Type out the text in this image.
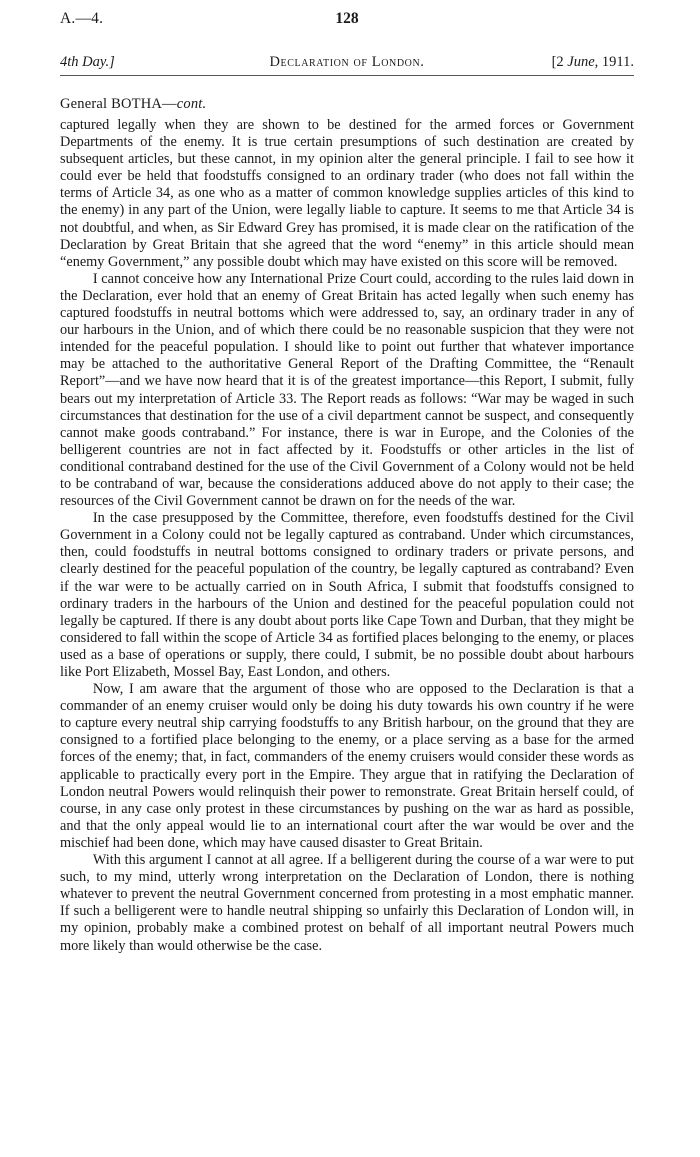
A.—4.	128
4th Day.]	Declaration of London.	[2 June, 1911.
General BOTHA—cont.

captured legally when they are shown to be destined for the armed forces or Government Departments of the enemy. It is true certain presumptions of such destination are created by subsequent articles, but these cannot, in my opinion alter the general principle. I fail to see how it could ever be held that foodstuffs consigned to an ordinary trader (who does not fall within the terms of Article 34, as one who as a matter of common knowledge supplies articles of this kind to the enemy) in any part of the Union, were legally liable to capture. It seems to me that Article 34 is not doubtful, and when, as Sir Edward Grey has promised, it is made clear on the ratification of the Declaration by Great Britain that she agreed that the word “enemy” in this article should mean “enemy Government,” any possible doubt which may have existed on this score will be removed.

I cannot conceive how any International Prize Court could, according to the rules laid down in the Declaration, ever hold that an enemy of Great Britain has acted legally when such enemy has captured foodstuffs in neutral bottoms which were addressed to, say, an ordinary trader in any of our harbours in the Union, and of which there could be no reasonable suspicion that they were not intended for the peaceful population. I should like to point out further that whatever importance may be attached to the authoritative General Report of the Drafting Committee, the “Renault Report”—and we have now heard that it is of the greatest importance—this Report, I submit, fully bears out my interpretation of Article 33. The Report reads as follows: “War may be waged in such circumstances that destination for the use of a civil department cannot be suspect, and consequently cannot make goods contraband.” For instance, there is war in Europe, and the Colonies of the belligerent countries are not in fact affected by it. Foodstuffs or other articles in the list of conditional contraband destined for the use of the Civil Government of a Colony would not be held to be contraband of war, because the considerations adduced above do not apply to their case; the resources of the Civil Government cannot be drawn on for the needs of the war.

In the case presupposed by the Committee, therefore, even foodstuffs destined for the Civil Government in a Colony could not be legally captured as contraband. Under which circumstances, then, could foodstuffs in neutral bottoms consigned to ordinary traders or private persons, and clearly destined for the peaceful population of the country, be legally captured as contraband? Even if the war were to be actually carried on in South Africa, I submit that foodstuffs consigned to ordinary traders in the harbours of the Union and destined for the peaceful population could not legally be captured. If there is any doubt about ports like Cape Town and Durban, that they might be considered to fall within the scope of Article 34 as fortified places belonging to the enemy, or places used as a base of operations or supply, there could, I submit, be no possible doubt about harbours like Port Elizabeth, Mossel Bay, East London, and others.

Now, I am aware that the argument of those who are opposed to the Declaration is that a commander of an enemy cruiser would only be doing his duty towards his own country if he were to capture every neutral ship carrying foodstuffs to any British harbour, on the ground that they are consigned to a fortified place belonging to the enemy, or a place serving as a base for the armed forces of the enemy; that, in fact, commanders of the enemy cruisers would consider these words as applicable to practically every port in the Empire. They argue that in ratifying the Declaration of London neutral Powers would relinquish their power to remonstrate. Great Britain herself could, of course, in any case only protest in these circumstances by pushing on the war as hard as possible, and that the only appeal would lie to an international court after the war would be over and the mischief had been done, which may have caused disaster to Great Britain.

With this argument I cannot at all agree. If a belligerent during the course of a war were to put such, to my mind, utterly wrong interpretation on the Declaration of London, there is nothing whatever to prevent the neutral Government concerned from protesting in a most emphatic manner. If such a belligerent were to handle neutral shipping so unfairly this Declaration of London will, in my opinion, probably make a combined protest on behalf of all important neutral Powers much more likely than would otherwise be the case.
